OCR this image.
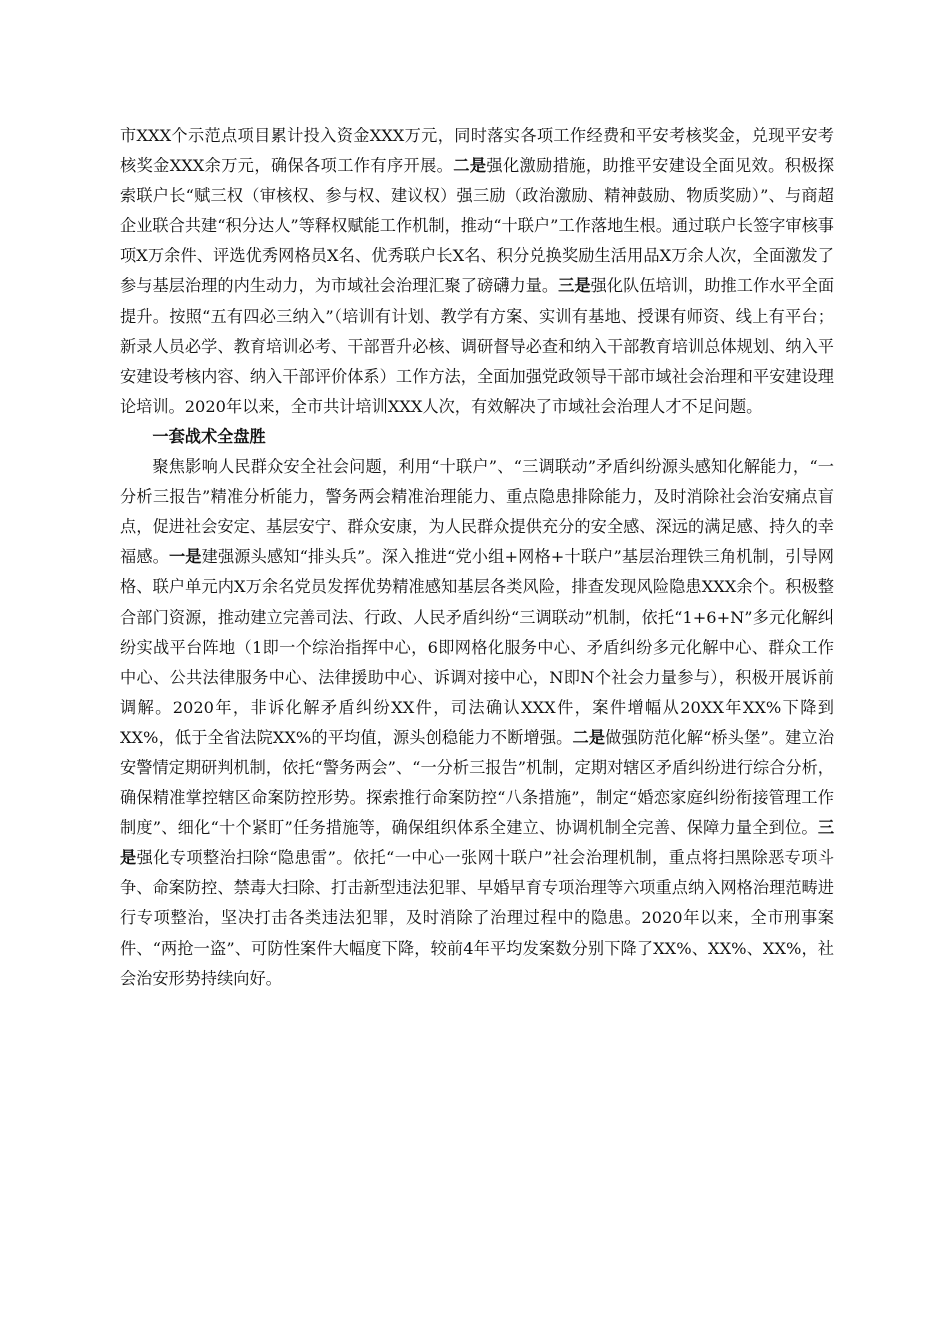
市XXX个示范点项目累计投入资金XXX万元，同时落实各项工作经费和平安考核奖金，兑现平安考核奖金XXX余万元，确保各项工作有序开展。二是强化激励措施，助推平安建设全面见效。积极探索联户长“赋三权（审核权、参与权、建议权）强三励（政治激励、精神鼓励、物质奖励）”、与商超企业联合共建“积分达人”等释权赋能工作机制，推动“十联户”工作落地生根。通过联户长签字审核事项X万余件、评选优秀网格员X名、优秀联户长X名、积分兑换奖励生活用品X万余人次，全面激发了参与基层治理的内生动力，为市域社会治理汇聚了磅礴力量。三是强化队伍培训，助推工作水平全面提升。按照“五有四必三纳入”（培训有计划、教学有方案、实训有基地、授课有师资、线上有平台；新录人员必学、教育培训必考、干部晋升必核、调研督导必查和纳入干部教育培训总体规划、纳入平安建设考核内容、纳入干部评价体系）工作方法，全面加强党政领导干部市域社会治理和平安建设理论培训。2020年以来，全市共计培训XXX人次，有效解决了市域社会治理人才不足问题。

一套战术全盘胜

聚焦影响人民群众安全社会问题，利用“十联户”、“三调联动”矛盾纠纷源头感知化解能力，“一分析三报告”精准分析能力，警务两会精准治理能力、重点隐患排除能力，及时消除社会治安痛点盲点，促进社会安定、基层安宁、群众安康，为人民群众提供充分的安全感、深远的满足感、持久的幸福感。一是建强源头感知“排头兵”。深入推进“党小组+网格+十联户”基层治理铁三角机制，引导网格、联户单元内X万余名党员发挥优势精准感知基层各类风险，排查发现风险隐患XXX余个。积极整合部门资源，推动建立完善司法、行政、人民矛盾纠纷“三调联动”机制，依托“1+6+N”多元化解纠纷实战平台阵地（1即一个综治指挥中心，6即网格化服务中心、矛盾纠纷多元化解中心、群众工作中心、公共法律服务中心、法律援助中心、诉调对接中心，N即N个社会力量参与），积极开展诉前调解。2020年，非诉化解矛盾纠纷XX件，司法确认XXX件，案件增幅从20XX年XX%下降到XX%，低于全省法院XX%的平均值，源头创稳能力不断增强。二是做强防范化解“桥头堡”。建立治安警情定期研判机制，依托“警务两会”、“一分析三报告”机制，定期对辖区矛盾纠纷进行综合分析，确保精准掌控辖区命案防控形势。探索推行命案防控“八条措施”，制定“婚恋家庭纠纷衔接管理工作制度”、细化“十个紧盯”任务措施等，确保组织体系全建立、协调机制全完善、保障力量全到位。三是强化专项整治扫除“隐患雷”。依托“一中心一张网十联户”社会治理机制，重点将扫黑除恶专项斗争、命案防控、禁毒大扫除、打击新型违法犯罪、早婚早育专项治理等六项重点纳入网格治理范畴进行专项整治，坚决打击各类违法犯罪，及时消除了治理过程中的隐患。2020年以来，全市刑事案件、“两抢一盗”、可防性案件大幅度下降，较前4年平均发案数分别下降了XX%、XX%、XX%，社会治安形势持续向好。
